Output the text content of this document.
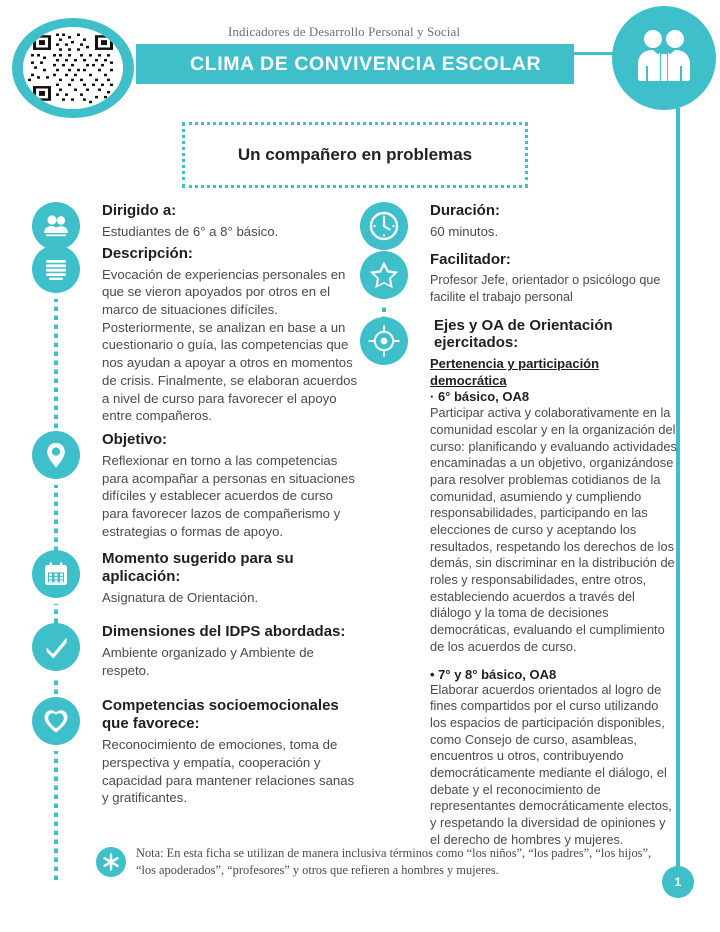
Indicadores de Desarrollo Personal y Social
CLIMA DE CONVIVENCIA ESCOLAR
1
Un compañero en problemas
Dirigido a:
Estudiantes de 6° a 8° básico.
Descripción:
Evocación de experiencias personales en que se vieron apoyados por otros en el marco de situaciones difíciles. Posteriormente, se analizan en base a un cuestionario o guía, las competencias que nos ayudan a apoyar a otros en momentos de crisis. Finalmente, se elaboran acuerdos a nivel de curso para favorecer el apoyo entre compañeros.
Objetivo:
Reflexionar en torno a las competencias para acompañar a personas en situaciones difíciles y establecer acuerdos de curso para favorecer lazos de compañerismo y estrategias o formas de apoyo.
Momento sugerido para su aplicación:
Asignatura de Orientación.
Dimensiones del IDPS abordadas:
Ambiente organizado y Ambiente de respeto.
Competencias socioemocionales que favorece:
Reconocimiento de emociones, toma de perspectiva y empatía, cooperación y capacidad para mantener relaciones sanas y gratificantes.
Duración:
60 minutos.
Facilitador:
Profesor Jefe, orientador o psicólogo que facilite el trabajo personal
Ejes y OA de Orientación ejercitados:
Pertenencia y participación democrática
· 6° básico, OA8
Participar activa y colaborativamente en la comunidad escolar y en la organización del curso: planificando y evaluando actividades encaminadas a un objetivo, organizándose para resolver problemas cotidianos de la comunidad, asumiendo y cumpliendo responsabilidades, participando en las elecciones de curso y aceptando los resultados, respetando los derechos de los demás, sin discriminar en la distribución de roles y responsabilidades, entre otros, estableciendo acuerdos a través del diálogo y la toma de decisiones democráticas, evaluando el cumplimiento de los acuerdos de curso.
• 7° y 8° básico, OA8
Elaborar acuerdos orientados al logro de fines compartidos por el curso utilizando los espacios de participación disponibles, como Consejo de curso, asambleas, encuentros u otros, contribuyendo democráticamente mediante el diálogo, el debate y el reconocimiento de representantes democráticamente electos, y respetando la diversidad de opiniones y el derecho de hombres y mujeres.
Nota: En esta ficha se utilizan de manera inclusiva términos como “los niños”, “los padres”, “los hijos”, “los apoderados”, “profesores” y otros que refieren a hombres y mujeres.
